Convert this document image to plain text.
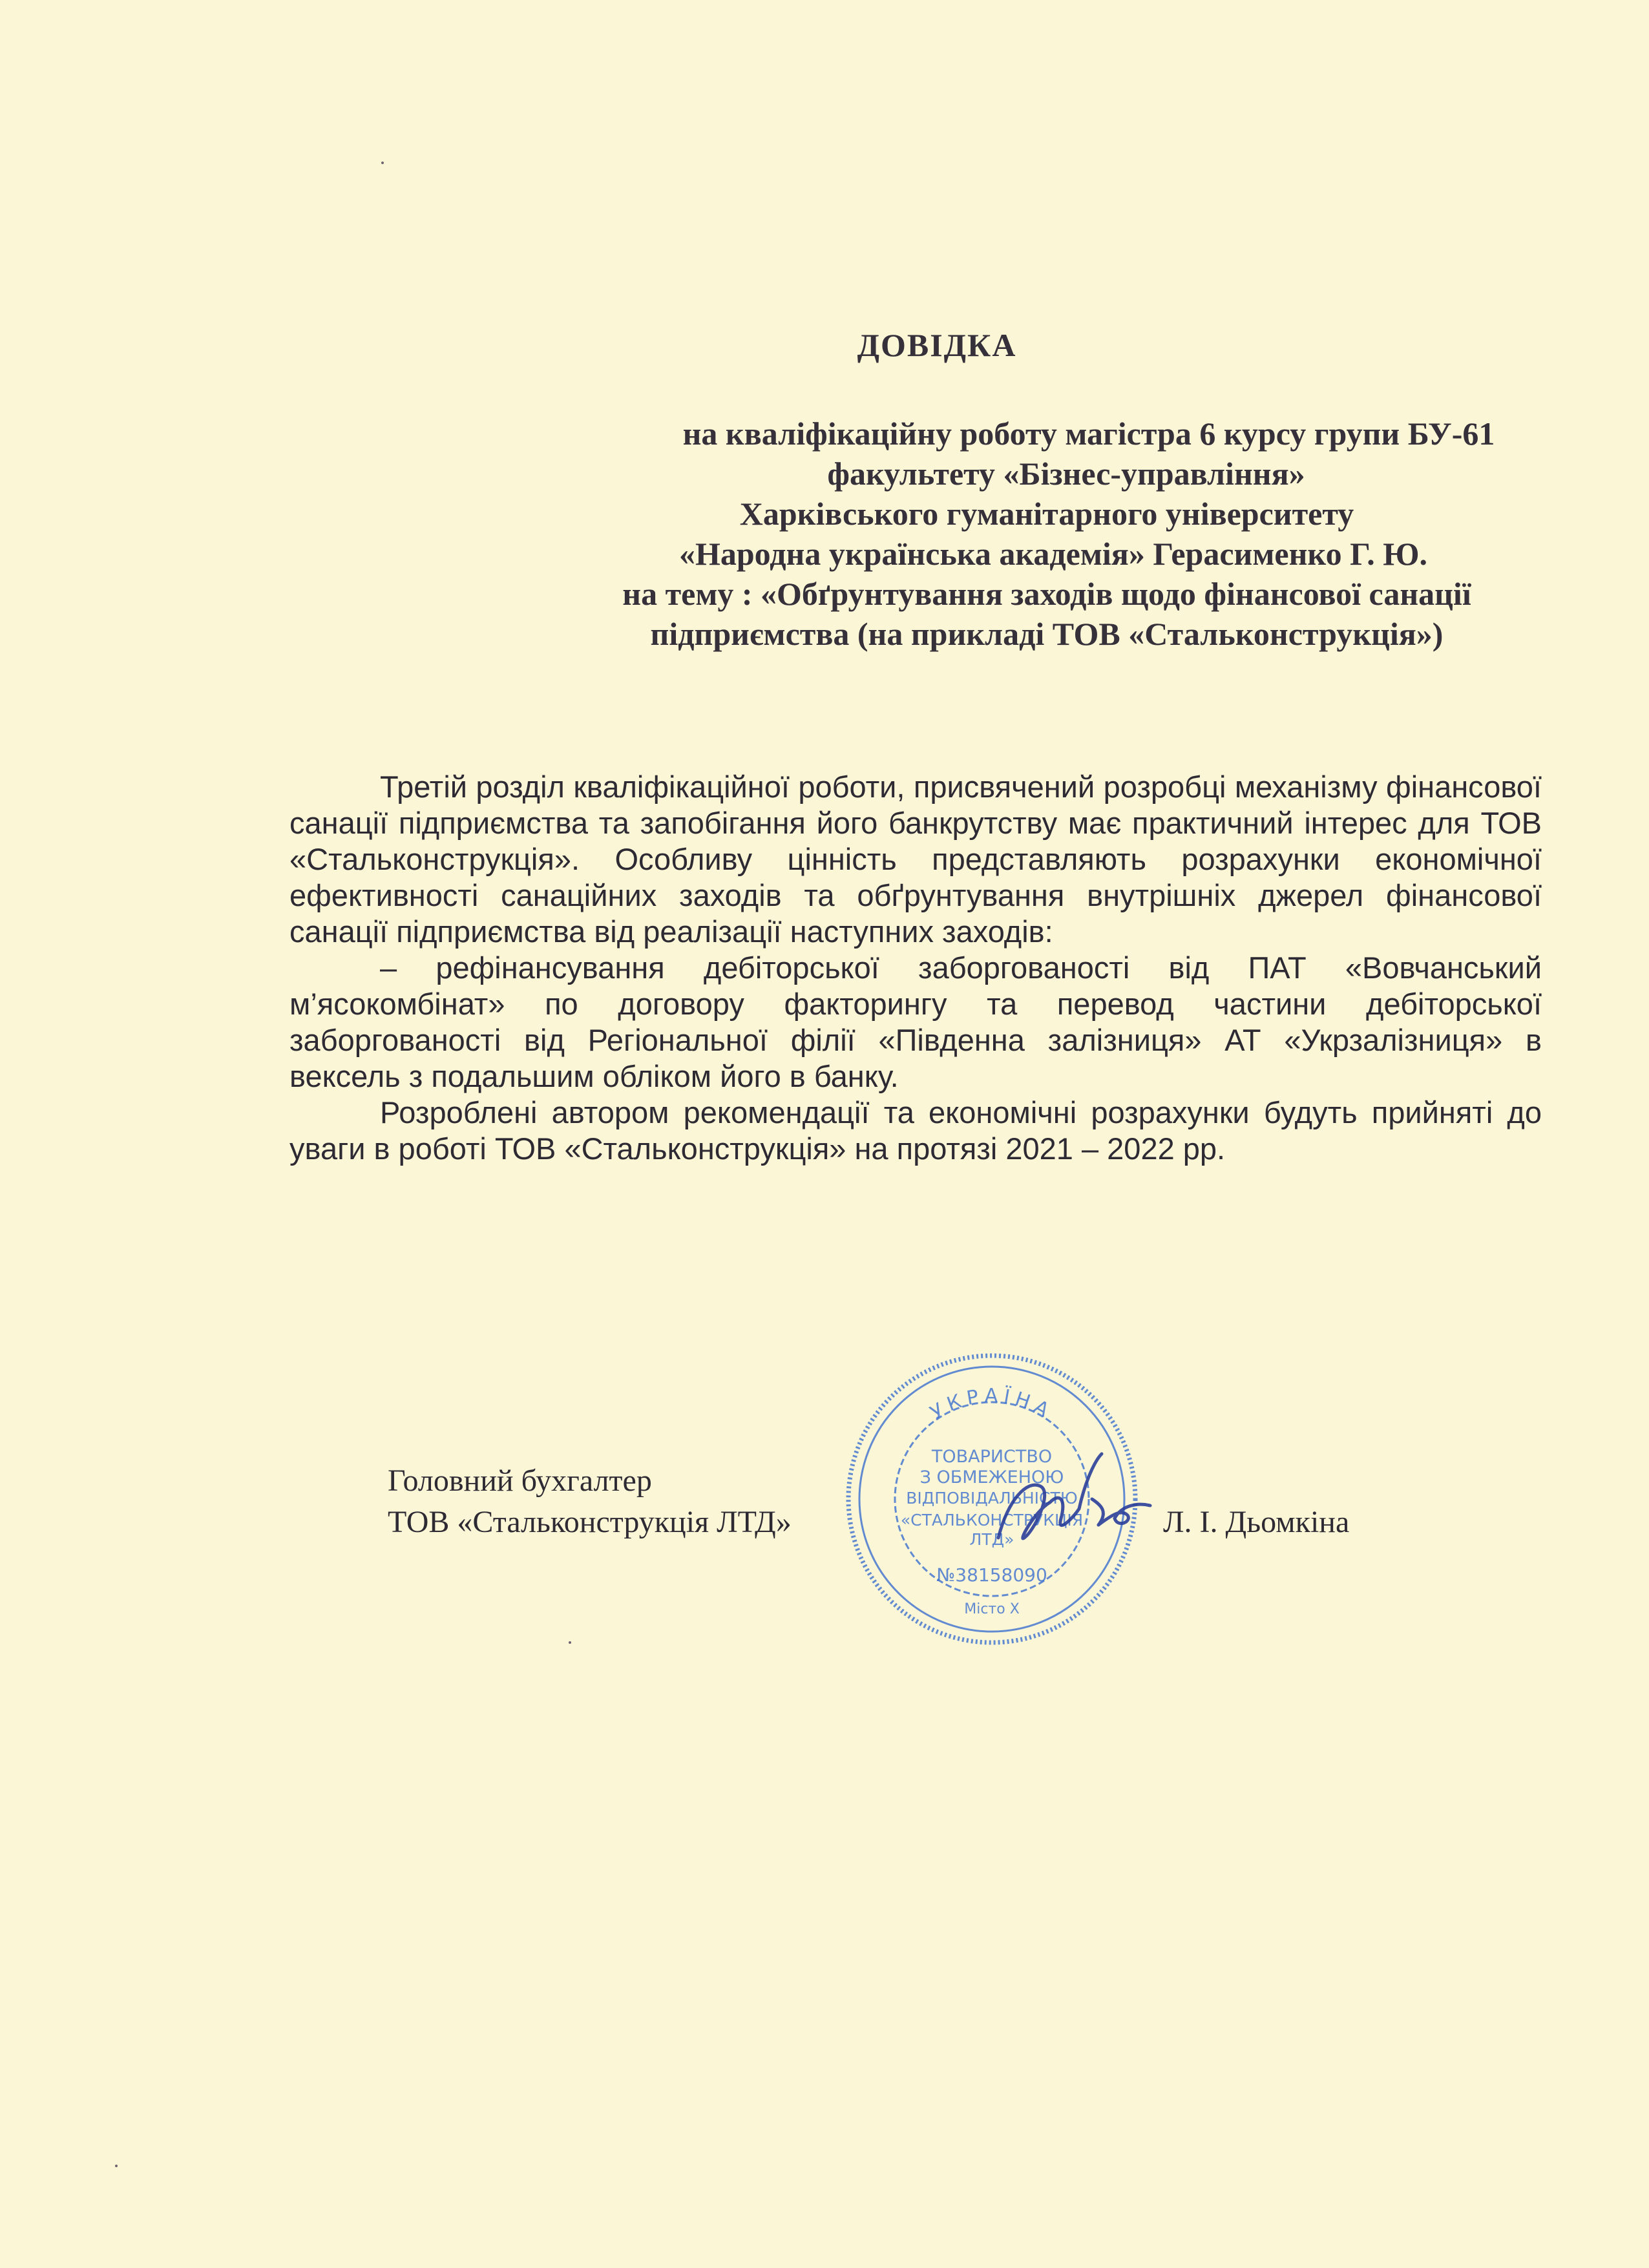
ДОВІДКА
на кваліфікаційну роботу магістра 6 курсу групи БУ-61
факультету «Бізнес-управління»
Харківського гуманітарного університету
«Народна українська академія» Герасименко Г. Ю.
на тему : «Обґрунтування заходів щодо фінансової санації
підприємства (на прикладі ТОВ «Стальконструкція»)

Третій розділ кваліфікаційної роботи, присвячений розробці механізму фінансової санації підприємства та запобігання його банкрутству має практичний інтерес для ТОВ «Стальконструкція». Особливу цінність представляють розрахунки економічної ефективності санаційних заходів та обґрунтування внутрішніх джерел фінансової санації підприємства від реалізації наступних заходів:

– рефінансування дебіторської заборгованості від ПАТ «Вовчанський м’ясокомбінат» по договору факторингу та перевод частини дебіторської заборгованості від Регіональної філії «Південна залізниця» АТ «Укрзалізниця» в вексель з подальшим обліком його в банку.

Розроблені автором рекомендації та економічні розрахунки будуть прийняті до уваги в роботі ТОВ «Стальконструкція» на протязі 2021 – 2022 рр.

Головний бухгалтер
ТОВ «Стальконструкція ЛТД»	Л. І. Дьомкіна
УКРАЇНА
ТОВАРИСТВО
З ОБМЕЖЕНОЮ
ВІДПОВІДАЛЬНІСТЮ
«СТАЛЬКОНСТРУКЦІЯ
ЛТД»
№38158090
Місто Х
